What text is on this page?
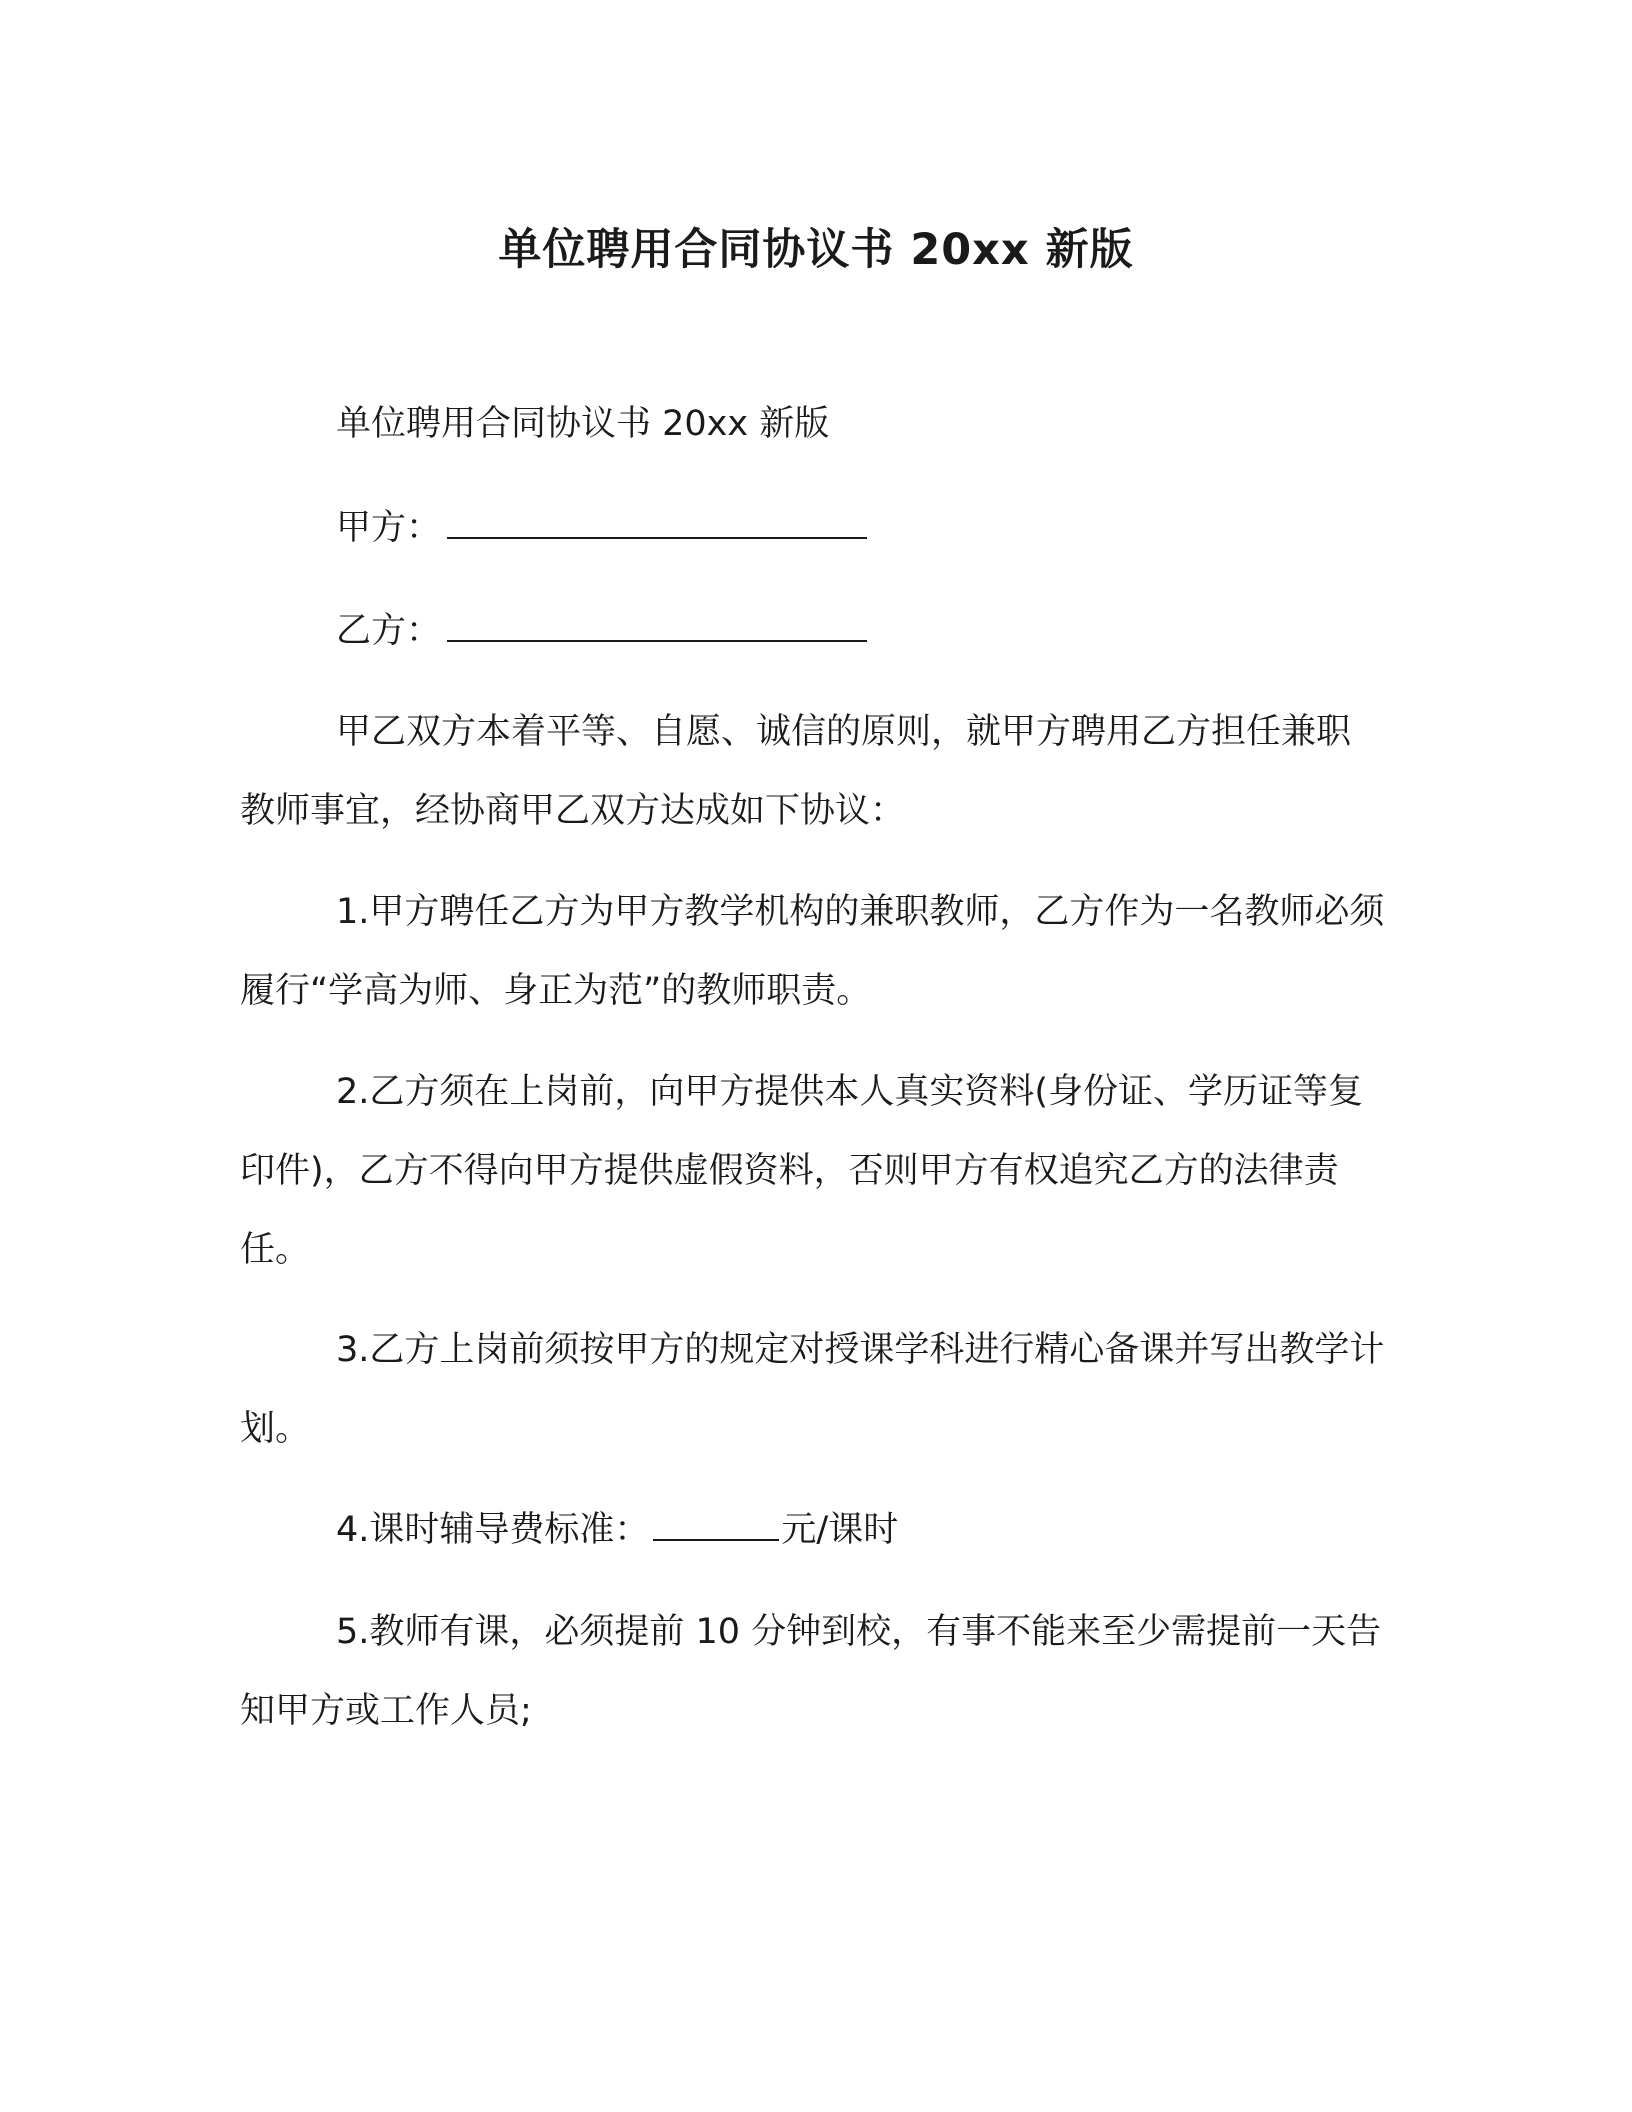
单位聘用合同协议书 20xx 新版
单位聘用合同协议书 20xx 新版
甲方：
乙方：

甲乙双方本着平等、自愿、诚信的原则，就甲方聘用乙方担任兼职教师事宜，经协商甲乙双方达成如下协议：

1.甲方聘任乙方为甲方教学机构的兼职教师，乙方作为一名教师必须履行“学高为师、身正为范”的教师职责。

2.乙方须在上岗前，向甲方提供本人真实资料(身份证、学历证等复印件)，乙方不得向甲方提供虚假资料，否则甲方有权追究乙方的法律责任。

3.乙方上岗前须按甲方的规定对授课学科进行精心备课并写出教学计划。

4.课时辅导费标准：	元/课时

5.教师有课，必须提前 10 分钟到校，有事不能来至少需提前一天告知甲方或工作人员;
